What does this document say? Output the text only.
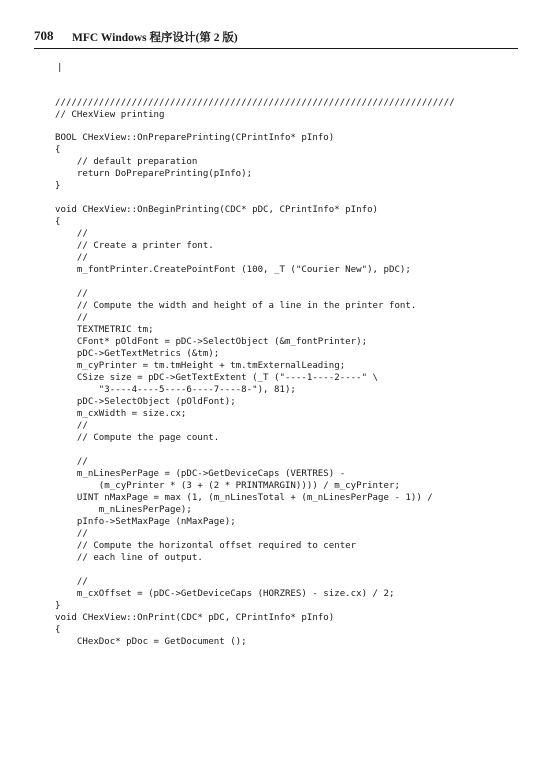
708 MFC Windows 程序设计(第 2 版)
|
/////////////////////////////////////////////////////////////////////////
// CHexView printing
BOOL CHexView::OnPreparePrinting(CPrintInfo* pInfo)
{
// default preparation
return DoPreparePrinting(pInfo);
}
void CHexView::OnBeginPrinting(CDC* pDC, CPrintInfo* pInfo)
{
//
// Create a printer font.
//
m_fontPrinter.CreatePointFont (100, _T ("Courier New"), pDC);
//
// Compute the width and height of a line in the printer font.
//
TEXTMETRIC tm;
CFont* pOldFont = pDC->SelectObject (&m_fontPrinter);
pDC->GetTextMetrics (&tm);
m_cyPrinter = tm.tmHeight + tm.tmExternalLeading;
CSize size = pDC->GetTextExtent (_T ("----1----2----" \
"3----4----5----6----7----8-"), 81);
pDC->SelectObject (pOldFont);
m_cxWidth = size.cx;
//
// Compute the page count.
//
m_nLinesPerPage = (pDC->GetDeviceCaps (VERTRES) -
(m_cyPrinter * (3 + (2 * PRINTMARGIN)))) / m_cyPrinter;
UINT nMaxPage = max (1, (m_nLinesTotal + (m_nLinesPerPage - 1)) /
m_nLinesPerPage);
pInfo->SetMaxPage (nMaxPage);
//
// Compute the horizontal offset required to center
// each line of output.
//
m_cxOffset = (pDC->GetDeviceCaps (HORZRES) - size.cx) / 2;
}
void CHexView::OnPrint(CDC* pDC, CPrintInfo* pInfo)
{
CHexDoc* pDoc = GetDocument ();
